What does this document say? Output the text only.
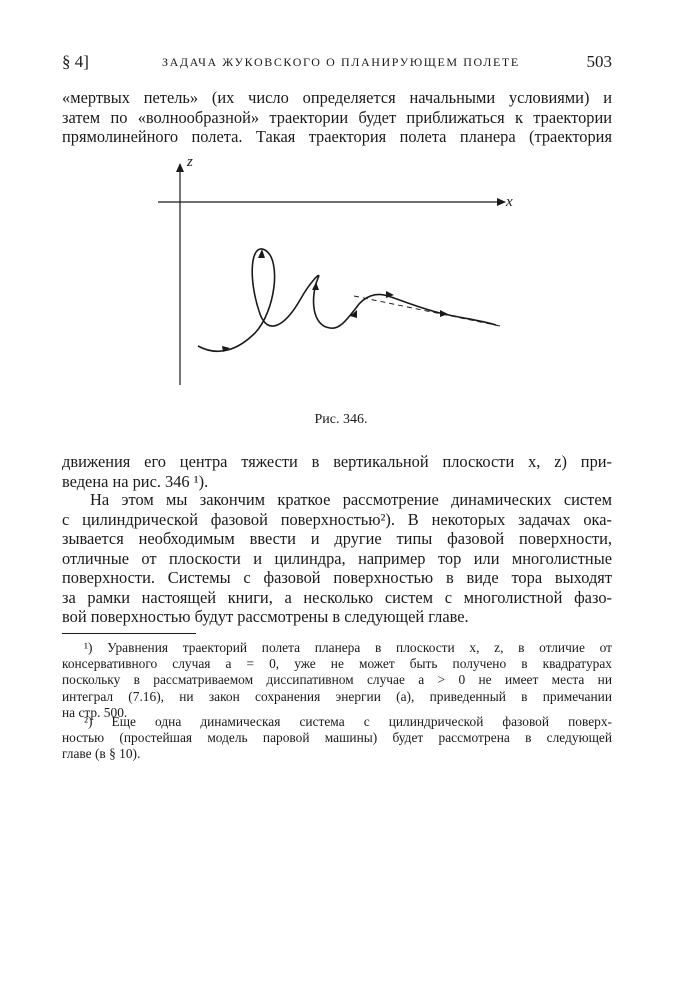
§ 4]	ЗАДАЧА ЖУКОВСКОГО О ПЛАНИРУЮЩЕМ ПОЛЕТЕ	503
«мертвых петель» (их число определяется начальными условиями) и
затем по «волнообразной» траектории будет приближаться к траектории
прямолинейного полета. Такая траектория полета планера (траектория
z
x
Рис. 346.
движения его центра тяжести в вертикальной плоскости x, z) при-
ведена на рис. 346 ¹).
На этом мы закончим краткое рассмотрение динамических систем
с цилиндрической фазовой поверхностью²). В некоторых задачах ока-
зывается необходимым ввести и другие типы фазовой поверхности,
отличные от плоскости и цилиндра, например тор или многолистные
поверхности. Системы с фазовой поверхностью в виде тора выходят
за рамки настоящей книги, а несколько систем с многолистной фазо-
вой поверхностью будут рассмотрены в следующей главе.
¹) Уравнения траекторий полета планера в плоскости x, z, в отличие от
консервативного случая a = 0, уже не может быть получено в квадратурах
поскольку в рассматриваемом диссипативном случае a > 0 не имеет места ни
интеграл (7.16), ни закон сохранения энергии (a), приведенный в примечании
на стр. 500.
²) Еще одна динамическая система с цилиндрической фазовой поверх-
ностью (простейшая модель паровой машины) будет рассмотрена в следующей
главе (в § 10).
